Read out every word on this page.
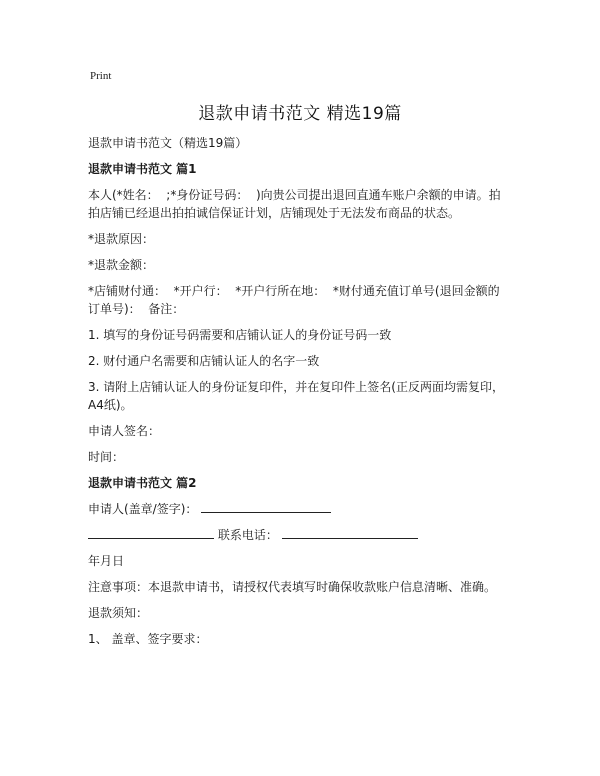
Print
退款申请书范文 精选19篇

退款申请书范文（精选19篇）

退款申请书范文 篇1

本人(*姓名：  ;*身份证号码：  )向贵公司提出退回直通车账户余额的申请。拍拍店铺已经退出拍拍诚信保证计划，店铺现处于无法发布商品的状态。

*退款原因：

*退款金额：

*店铺财付通：  *开户行：  *开户行所在地：  *财付通充值订单号(退回金额的订单号)：  备注：

1. 填写的身份证号码需要和店铺认证人的身份证号码一致

2. 财付通户名需要和店铺认证人的名字一致

3. 请附上店铺认证人的身份证复印件，并在复印件上签名(正反两面均需复印，A4纸)。

申请人签名：

时间：

退款申请书范文 篇2

申请人(盖章/签字)：
联系电话：

年月日

注意事项：本退款申请书，请授权代表填写时确保收款账户信息清晰、准确。

退款须知：

1、 盖章、签字要求：
